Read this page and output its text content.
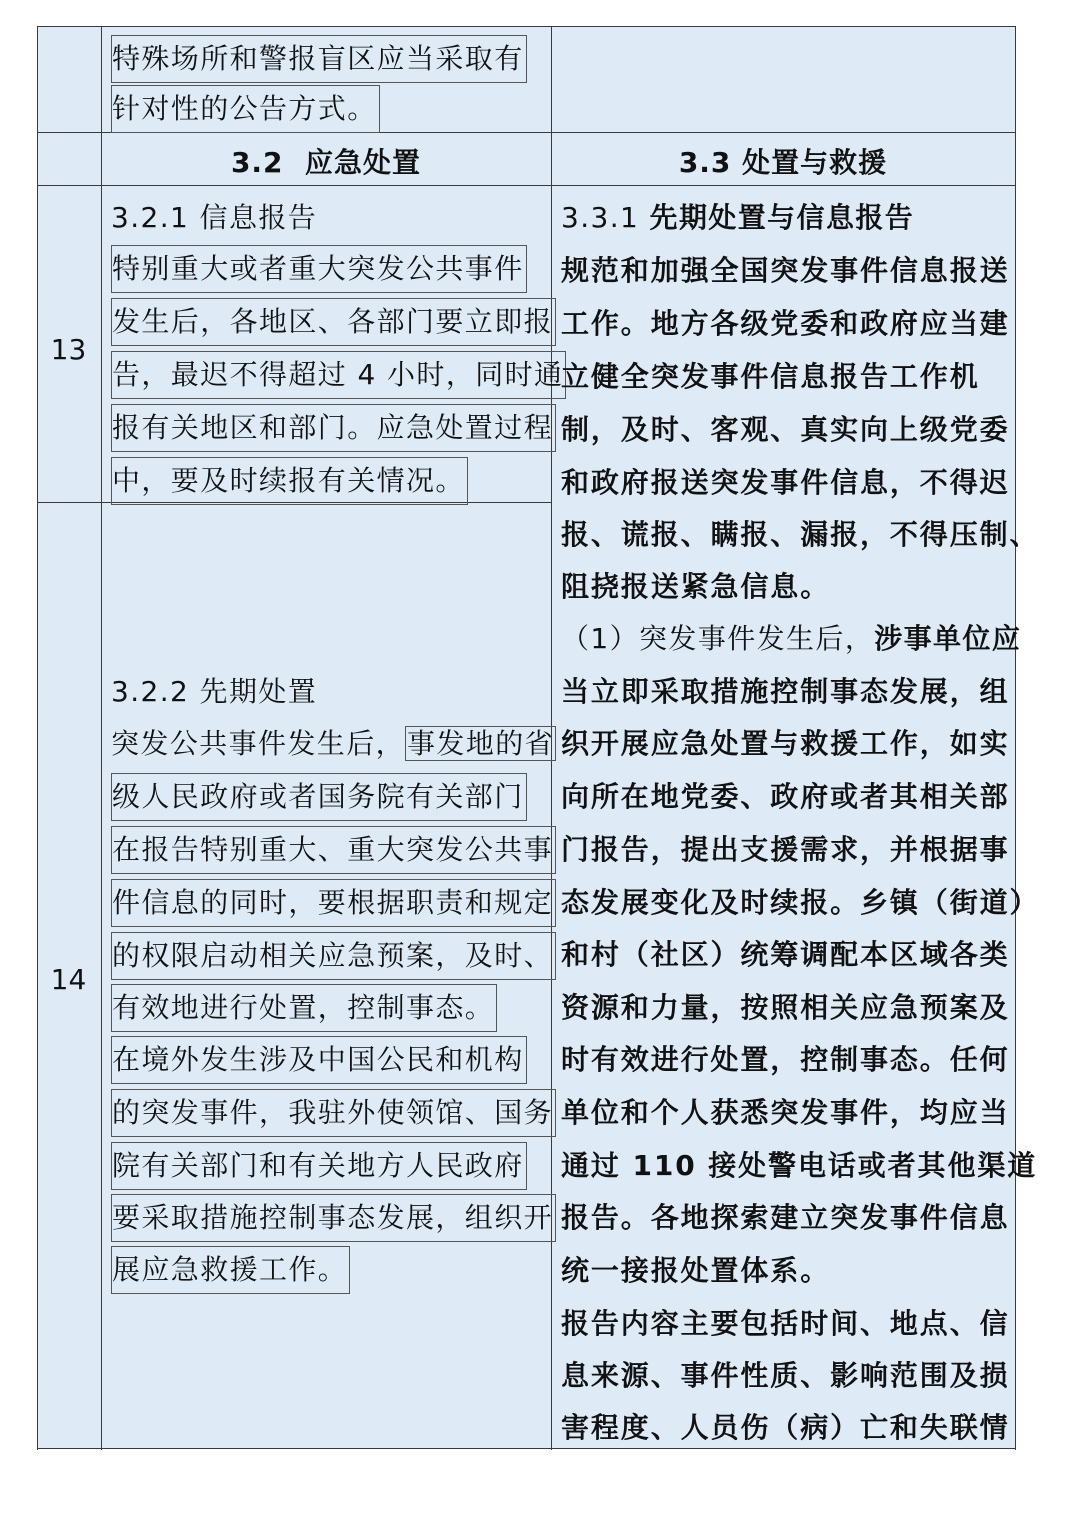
特殊场所和警报盲区应当采取有
针对性的公告方式。
3.2  应急处置	3.3 处置与救援
13
14
3.2.1 信息报告
特别重大或者重大突发公共事件
发生后，各地区、各部门要立即报
告，最迟不得超过 4 小时，同时通
报有关地区和部门。应急处置过程
中，要及时续报有关情况。
3.2.2 先期处置
突发公共事件发生后，事发地的省
级人民政府或者国务院有关部门
在报告特别重大、重大突发公共事
件信息的同时，要根据职责和规定
的权限启动相关应急预案，及时、
有效地进行处置，控制事态。
在境外发生涉及中国公民和机构
的突发事件，我驻外使领馆、国务
院有关部门和有关地方人民政府
要采取措施控制事态发展，组织开
展应急救援工作。
3.3.1 先期处置与信息报告
规范和加强全国突发事件信息报送
工作。地方各级党委和政府应当建
立健全突发事件信息报告工作机
制，及时、客观、真实向上级党委
和政府报送突发事件信息，不得迟
报、谎报、瞒报、漏报，不得压制、
阻挠报送紧急信息。
（1）突发事件发生后，涉事单位应
当立即采取措施控制事态发展，组
织开展应急处置与救援工作，如实
向所在地党委、政府或者其相关部
门报告，提出支援需求，并根据事
态发展变化及时续报。乡镇（街道）
和村（社区）统筹调配本区域各类
资源和力量，按照相关应急预案及
时有效进行处置，控制事态。任何
单位和个人获悉突发事件，均应当
通过 110 接处警电话或者其他渠道
报告。各地探索建立突发事件信息
统一接报处置体系。
报告内容主要包括时间、地点、信
息来源、事件性质、影响范围及损
害程度、人员伤（病）亡和失联情
